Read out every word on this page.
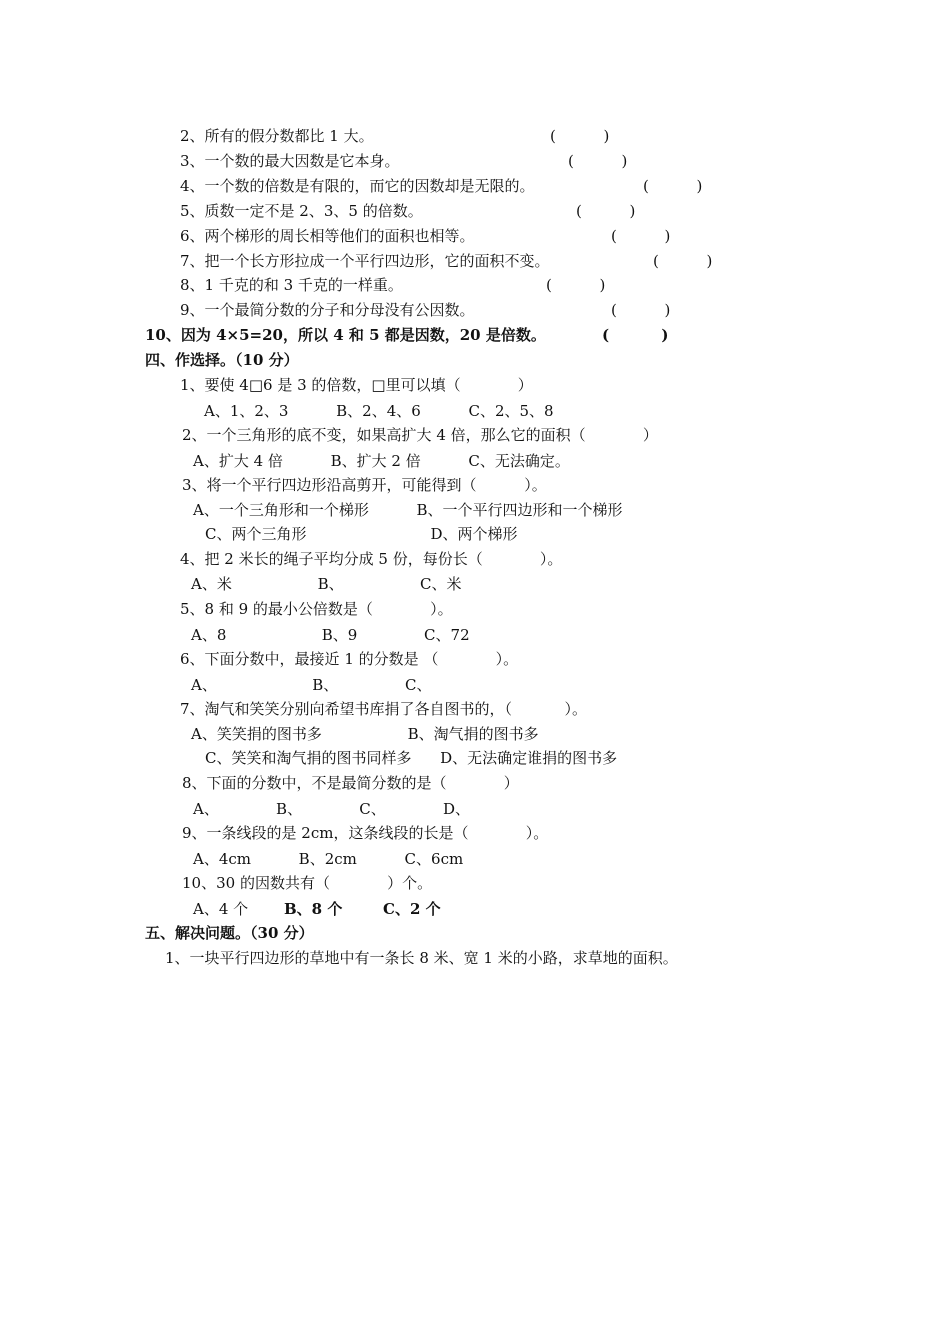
2、所有的假分数都比 1 大。	(          )
3、一个数的最大因数是它本身。	(          )
4、一个数的倍数是有限的，而它的因数却是无限的。	(          )
5、质数一定不是 2、3、5 的倍数。	(          )
6、两个梯形的周长相等他们的面积也相等。	(          )
7、把一个长方形拉成一个平行四边形，它的面积不变。	(          )
8、1 千克的和 3 千克的一样重。	(          )
9、一个最简分数的分子和分母没有公因数。	(          )
10、因为 4×5=20，所以 4 和 5 都是因数，20 是倍数。	(          )
四、作选择。（10 分）
1、要使 4□6 是 3 的倍数，□里可以填（            ）
A、1、2、3          B、2、4、6          C、2、5、8
2、一个三角形的底不变，如果高扩大 4 倍，那么它的面积（            ）
A、扩大 4 倍          B、扩大 2 倍          C、无法确定。
3、将一个平行四边形沿高剪开，可能得到（          ）。
A、一个三角形和一个梯形          B、一个平行四边形和一个梯形
C、两个三角形                          D、两个梯形
4、把 2 米长的绳子平均分成 5 份，每份长（            ）。
A、米                  B、                C、米
5、8 和 9 的最小公倍数是（            ）。
A、8                    B、9              C、72
6、下面分数中，最接近 1 的分数是 （            ）。
A、                    B、              C、
7、淘气和笑笑分别向希望书库捐了各自图书的，（           ）。
A、笑笑捐的图书多                  B、淘气捐的图书多
C、笑笑和淘气捐的图书同样多      D、无法确定谁捐的图书多
8、下面的分数中，不是最简分数的是（            ）
A、            B、            C、            D、
9、一条线段的是 2cm，这条线段的长是（            ）。
A、4cm          B、2cm          C、6cm
10、30 的因数共有（            ）个。
A、4 个 B、8 个	C、2 个
五、解决问题。（30 分）
1、一块平行四边形的草地中有一条长 8 米、宽 1 米的小路，求草地的面积。
